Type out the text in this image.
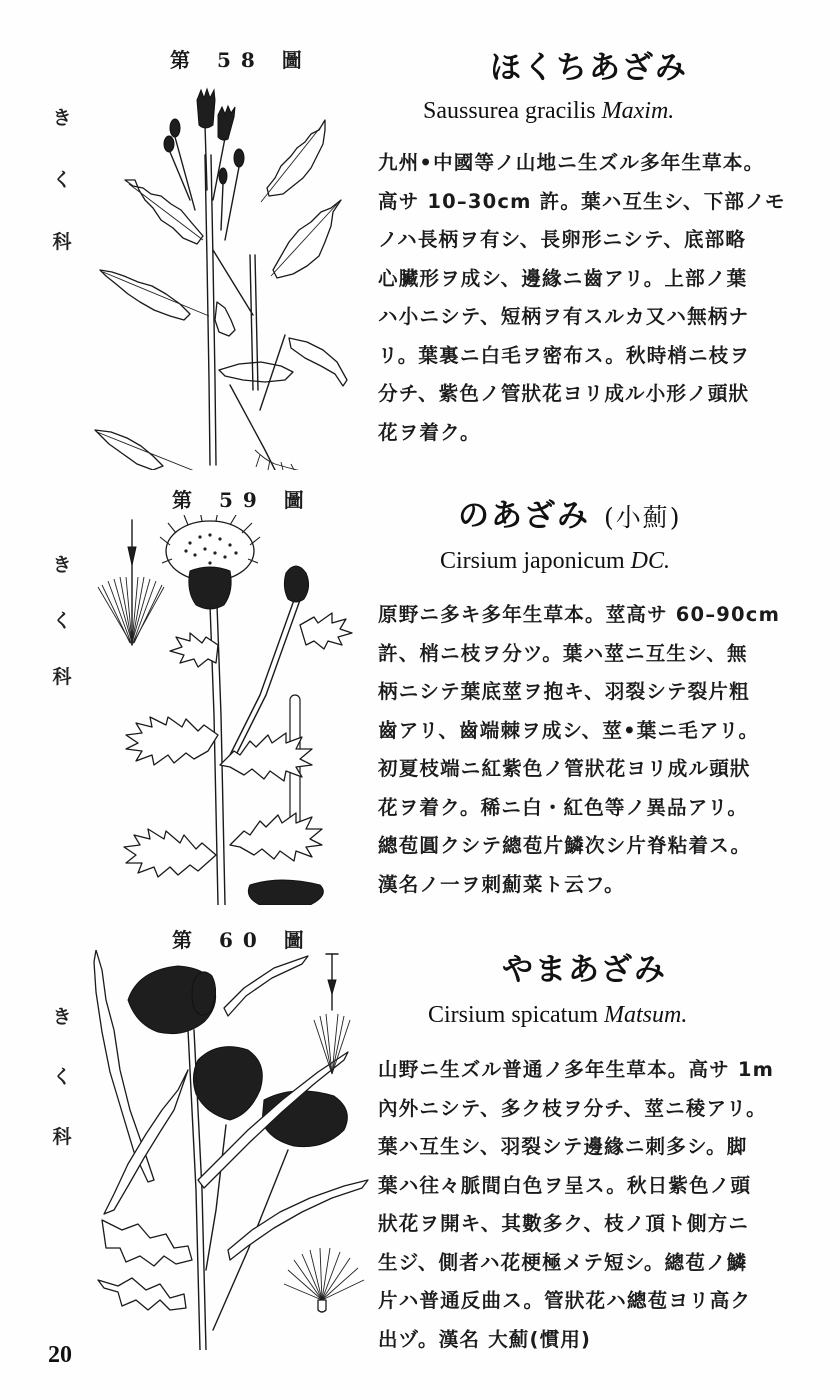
第 58 圖
き
く
科
ほくちあざみ
Saussurea gracilis Maxim.
九州•中國等ノ山地ニ生ズル多年生草本。
高サ 10–30cm 許。葉ハ互生シ、下部ノモ
ノハ長柄ヲ有シ、長卵形ニシテ、底部略
心臟形ヲ成シ、邊緣ニ齒アリ。上部ノ葉
ハ小ニシテ、短柄ヲ有スルカ又ハ無柄ナ
リ。葉裏ニ白毛ヲ密布ス。秋時梢ニ枝ヲ
分チ、紫色ノ管狀花ヨリ成ル小形ノ頭狀
花ヲ着ク。
第 59 圖
き
く
科
のあざみ (小薊)
Cirsium japonicum DC.
原野ニ多キ多年生草本。莖高サ 60–90cm
許、梢ニ枝ヲ分ツ。葉ハ莖ニ互生シ、無
柄ニシテ葉底莖ヲ抱キ、羽裂シテ裂片粗
齒アリ、齒端棘ヲ成シ、莖•葉ニ毛アリ。
初夏枝端ニ紅紫色ノ管狀花ヨリ成ル頭狀
花ヲ着ク。稀ニ白・紅色等ノ異品アリ。
總苞圓クシテ總苞片鱗次シ片脊粘着ス。
漢名ノ一ヲ刺薊菜ト云フ。
第 60 圖
き
く
科
やまあざみ
Cirsium spicatum Matsum.
山野ニ生ズル普通ノ多年生草本。高サ 1m
內外ニシテ、多ク枝ヲ分チ、莖ニ稜アリ。
葉ハ互生シ、羽裂シテ邊緣ニ刺多シ。脚
葉ハ往々脈間白色ヲ呈ス。秋日紫色ノ頭
狀花ヲ開キ、其數多ク、枝ノ頂ト側方ニ
生ジ、側者ハ花梗極メテ短シ。總苞ノ鱗
片ハ普通反曲ス。管狀花ハ總苞ヨリ高ク
出ヅ。漢名 大薊(慣用)
20
